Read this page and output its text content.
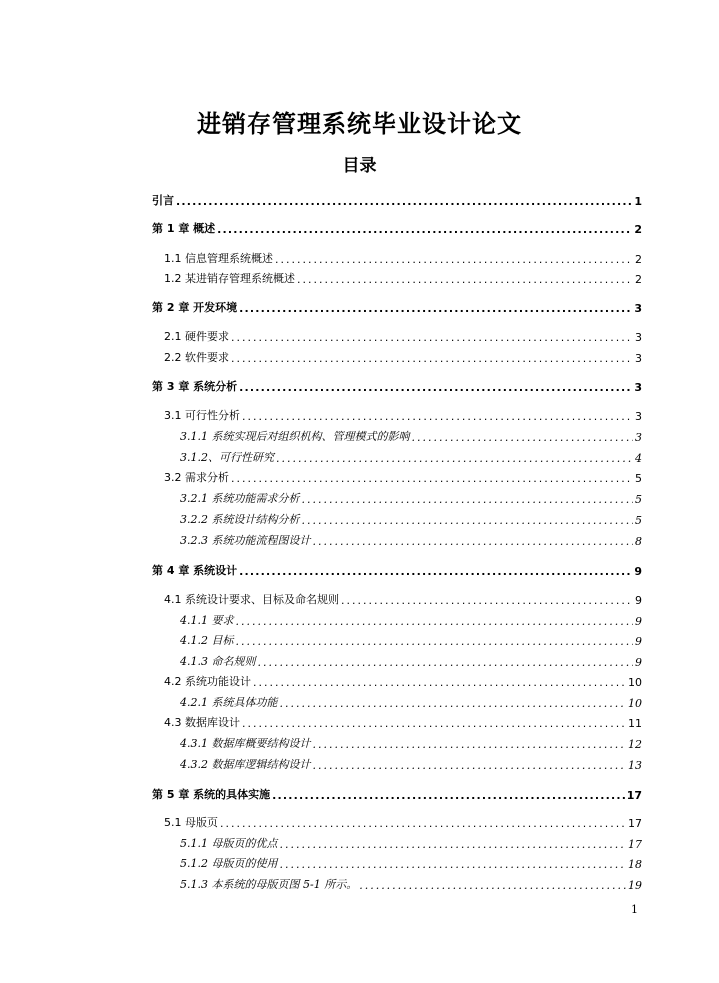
进销存管理系统毕业设计论文
目录
引言 .....	1
第 1 章 概述 .....	2
1.1 信息管理系统概述 .....	2
1.2 某进销存管理系统概述 .....	2
第 2 章 开发环境 .....	3
2.1 硬件要求 .....	3
2.2 软件要求 .....	3
第 3 章 系统分析 .....	3
3.1 可行性分析 .....	3
3.1.1 系统实现后对组织机构、管理模式的影响 .....	3
3.1.2、可行性研究 .....	4
3.2 需求分析 .....	5
3.2.1 系统功能需求分析 .....	5
3.2.2 系统设计结构分析 .....	5
3.2.3 系统功能流程图设计 .....	8
第 4 章 系统设计 .....	9
4.1 系统设计要求、目标及命名规则 .....	9
4.1.1 要求 .....	9
4.1.2 目标 .....	9
4.1.3 命名规则 .....	9
4.2 系统功能设计 .....	10
4.2.1 系统具体功能 .....	10
4.3 数据库设计 .....	11
4.3.1 数据库概要结构设计 .....	12
4.3.2 数据库逻辑结构设计 .....	13
第 5 章 系统的具体实施 .....	17
5.1 母版页 .....	17
5.1.1 母版页的优点 .....	17
5.1.2 母版页的使用 .....	18
5.1.3 本系统的母版页图 5-1 所示。 .....	19
1
